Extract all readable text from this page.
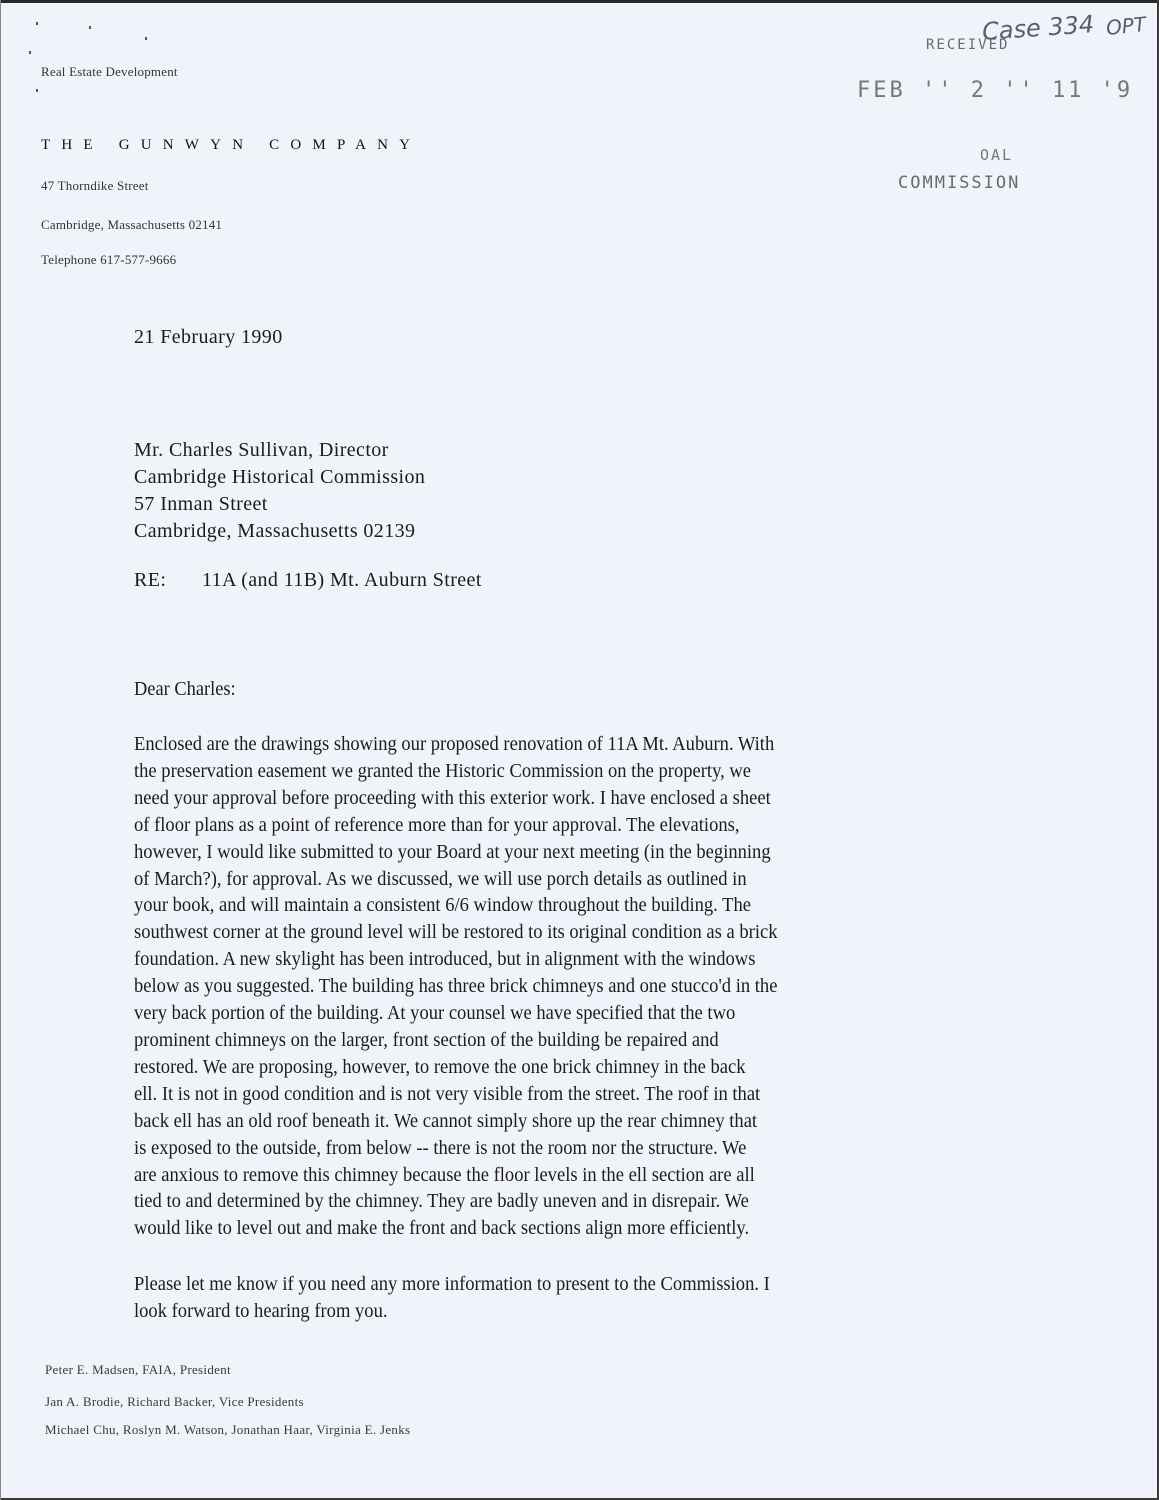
Real Estate Development
THE GUNWYN COMPANY
47 Thorndike Street
Cambridge, Massachusetts 02141
Telephone 617-577-9666
RECEIVED
FEB '' 2 '' 11 '9
OAL
COMMISSION
Case 334 OPT
21 February 1990
Mr. Charles Sullivan, Director
Cambridge Historical Commission
57 Inman Street
Cambridge, Massachusetts 02139
RE: 11A (and 11B) Mt. Auburn Street
Dear Charles:
Enclosed are the drawings showing our proposed renovation of 11A Mt. Auburn. With
the preservation easement we granted the Historic Commission on the property, we
need your approval before proceeding with this exterior work. I have enclosed a sheet
of floor plans as a point of reference more than for your approval. The elevations,
however, I would like submitted to your Board at your next meeting (in the beginning
of March?), for approval. As we discussed, we will use porch details as outlined in
your book, and will maintain a consistent 6/6 window throughout the building. The
southwest corner at the ground level will be restored to its original condition as a brick
foundation. A new skylight has been introduced, but in alignment with the windows
below as you suggested. The building has three brick chimneys and one stucco'd in the
very back portion of the building. At your counsel we have specified that the two
prominent chimneys on the larger, front section of the building be repaired and
restored. We are proposing, however, to remove the one brick chimney in the back
ell. It is not in good condition and is not very visible from the street. The roof in that
back ell has an old roof beneath it. We cannot simply shore up the rear chimney that
is exposed to the outside, from below -- there is not the room nor the structure. We
are anxious to remove this chimney because the floor levels in the ell section are all
tied to and determined by the chimney. They are badly uneven and in disrepair. We
would like to level out and make the front and back sections align more efficiently.
Please let me know if you need any more information to present to the Commission. I
look forward to hearing from you.
Peter E. Madsen, FAIA, President
Jan A. Brodie, Richard Backer, Vice Presidents
Michael Chu, Roslyn M. Watson, Jonathan Haar, Virginia E. Jenks
